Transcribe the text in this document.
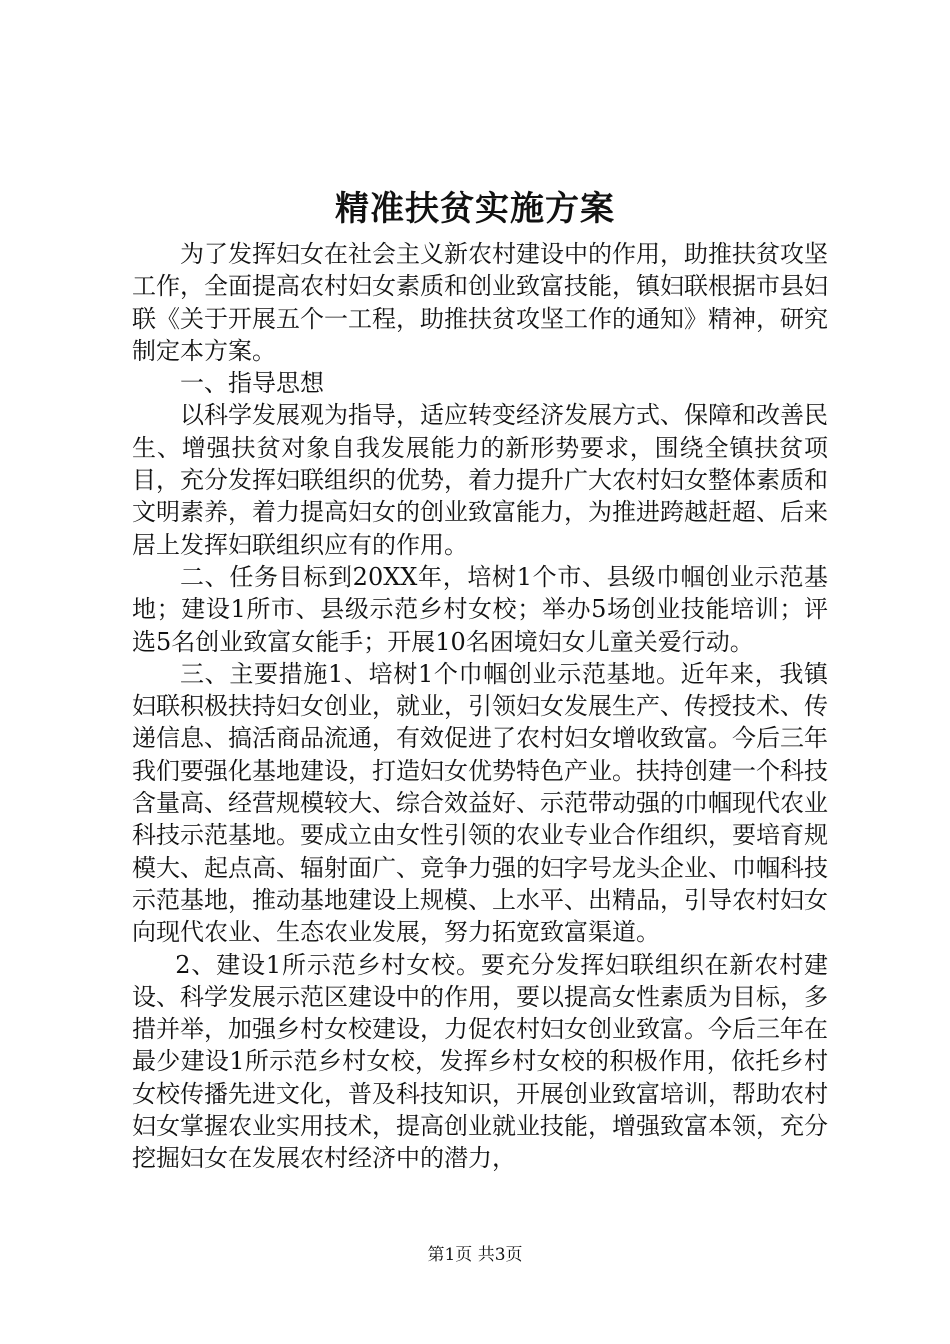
精准扶贫实施方案

为了发挥妇女在社会主义新农村建设中的作用，助推扶贫攻坚工作，全面提高农村妇女素质和创业致富技能，镇妇联根据市县妇联《关于开展五个一工程，助推扶贫攻坚工作的通知》精神，研究制定本方案。

一、指导思想

以科学发展观为指导，适应转变经济发展方式、保障和改善民生、增强扶贫对象自我发展能力的新形势要求，围绕全镇扶贫项目，充分发挥妇联组织的优势，着力提升广大农村妇女整体素质和文明素养，着力提高妇女的创业致富能力，为推进跨越赶超、后来居上发挥妇联组织应有的作用。

二、任务目标到20XX年，培树1个市、县级巾帼创业示范基地；建设1所市、县级示范乡村女校；举办5场创业技能培训；评选5名创业致富女能手；开展10名困境妇女儿童关爱行动。

三、主要措施1、培树1个巾帼创业示范基地。近年来，我镇妇联积极扶持妇女创业，就业，引领妇女发展生产、传授技术、传递信息、搞活商品流通，有效促进了农村妇女增收致富。今后三年我们要强化基地建设，打造妇女优势特色产业。扶持创建一个科技含量高、经营规模较大、综合效益好、示范带动强的巾帼现代农业科技示范基地。要成立由女性引领的农业专业合作组织，要培育规模大、起点高、辐射面广、竞争力强的妇字号龙头企业、巾帼科技示范基地，推动基地建设上规模、上水平、出精品，引导农村妇女向现代农业、生态农业发展，努力拓宽致富渠道。

2、建设1所示范乡村女校。要充分发挥妇联组织在新农村建设、科学发展示范区建设中的作用，要以提高女性素质为目标，多措并举，加强乡村女校建设，力促农村妇女创业致富。今后三年在最少建设1所示范乡村女校，发挥乡村女校的积极作用，依托乡村女校传播先进文化，普及科技知识，开展创业致富培训，帮助农村妇女掌握农业实用技术，提高创业就业技能，增强致富本领，充分挖掘妇女在发展农村经济中的潜力，

第1页 共3页
